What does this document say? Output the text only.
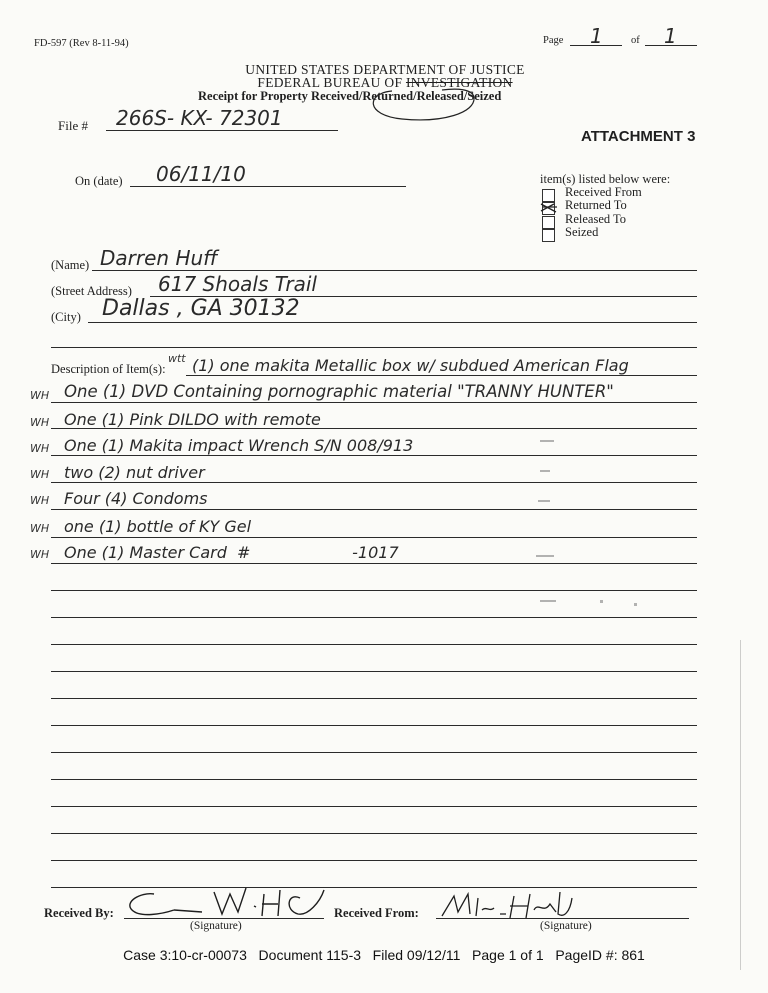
FD-597 (Rev 8-11-94)	Page 1	of 1
UNITED STATES DEPARTMENT OF JUSTICE
FEDERAL BUREAU OF INVESTIGATION
Receipt for Property Received/Returned/Released/Seized
ATTACHMENT 3
File # 266S- KX- 72301
On (date) 06/11/10	item(s) listed below were:
Received From
Returned To
Released To
Seized
(Name) Darren Huff
(Street Address) 617 Shoals Trail
(City) Dallas , GA 30132
Description of Item(s):
wtt (1) one makita Metallic box w/ subdued American Flag
WH One (1) DVD Containing pornographic material "TRANNY HUNTER"
WH One (1) Pink DILDO with remote
WH One (1) Makita impact Wrench S/N 008/913
WH two (2) nut driver
WH Four (4) Condoms
WH one (1) bottle of KY Gel
WH One (1) Master Card  #                    -1017
Received By:
(Signature)
Received From:
(Signature)
Case 3:10-cr-00073   Document 115-3   Filed 09/12/11   Page 1 of 1   PageID #: 861
